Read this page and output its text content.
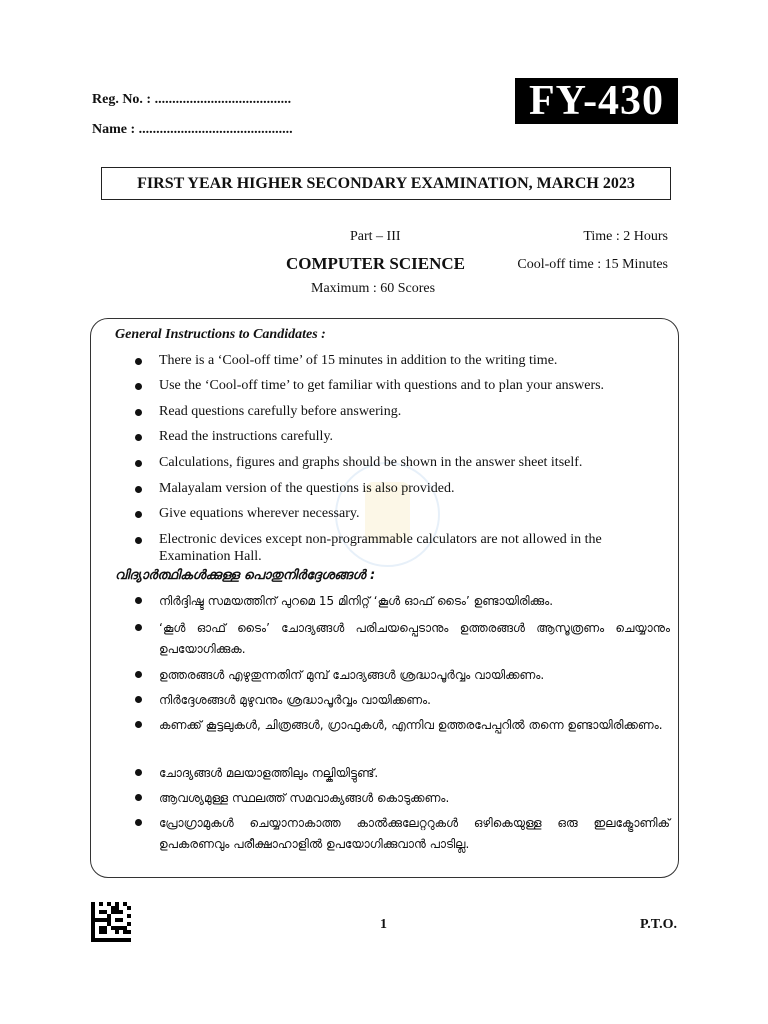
Reg. No. : .......................................
Name : ............................................
FY-430
FIRST YEAR HIGHER SECONDARY EXAMINATION, MARCH 2023
Part – III	Time : 2 Hours
COMPUTER SCIENCE	Cool-off time : 15 Minutes
Maximum : 60 Scores
General Instructions to Candidates :
There is a ‘Cool-off time’ of 15 minutes in addition to the writing time.
Use the ‘Cool-off time’ to get familiar with questions and to plan your answers.
Read questions carefully before answering.
Read the instructions carefully.
Calculations, figures and graphs should be shown in the answer sheet itself.
Malayalam version of the questions is also provided.
Give equations wherever necessary.
Electronic devices except non-programmable calculators are not allowed in the Examination Hall.
വിദ്യാർത്ഥികൾക്കുള്ള പൊതുനിർദ്ദേശങ്ങൾ :
നിർദ്ദിഷ്ട സമയത്തിന് പുറമെ 15 മിനിറ്റ് ‘കൂൾ ഓഫ് ടൈം’ ഉണ്ടായിരിക്കും.
‘കൂൾ ഓഫ് ടൈം’ ചോദ്യങ്ങൾ പരിചയപ്പെടാനും ഉത്തരങ്ങൾ ആസൂത്രണം ചെയ്യാനും ഉപയോഗിക്കുക.
ഉത്തരങ്ങൾ എഴുതുന്നതിന് മുമ്പ് ചോദ്യങ്ങൾ ശ്രദ്ധാപൂർവ്വം വായിക്കണം.
നിർദ്ദേശങ്ങൾ മുഴുവനും ശ്രദ്ധാപൂർവ്വം വായിക്കണം.
കണക്ക് കൂട്ടലുകൾ, ചിത്രങ്ങൾ, ഗ്രാഫുകൾ, എന്നിവ ഉത്തരപേപ്പറിൽ തന്നെ ഉണ്ടായിരിക്കണം.
ചോദ്യങ്ങൾ മലയാളത്തിലും നല്കിയിട്ടുണ്ട്.
ആവശ്യമുള്ള സ്ഥലത്ത് സമവാക്യങ്ങൾ കൊടുക്കണം.
പ്രോഗ്രാമുകൾ ചെയ്യാനാകാത്ത കാൽക്കുലേറ്ററുകൾ ഒഴികെയുള്ള ഒരു ഇലക്ട്രോണിക് ഉപകരണവും പരീക്ഷാഹാളിൽ ഉപയോഗിക്കുവാൻ പാടില്ല.
1	P.T.O.
